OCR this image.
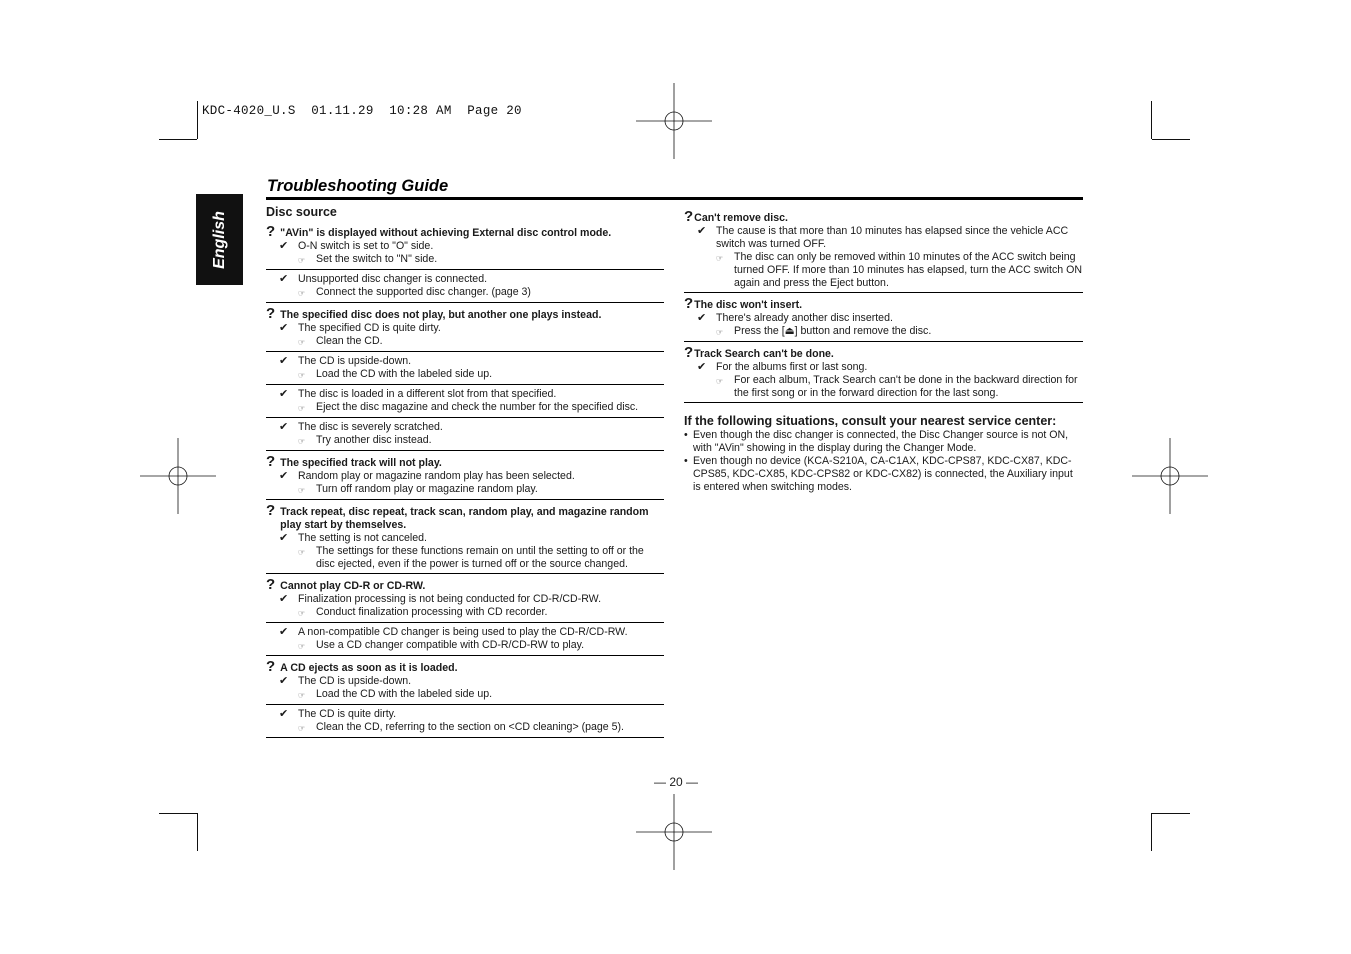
KDC-4020_U.S  01.11.29  10:28 AM  Page 20
English
Troubleshooting Guide
Disc source
? "AVin" is displayed without achieving External disc control mode.
✔ O-N switch is set to "O" side.
☞	Set the switch to "N" side.
✔ Unsupported disc changer is connected.
☞	Connect the supported disc changer. (page 3)
? The specified disc does not play, but another one plays instead.
✔ The specified CD is quite dirty.
☞	Clean the CD.
✔ The CD is upside-down.
☞	Load the CD with the labeled side up.
✔ The disc is loaded in a different slot from that specified.
☞	Eject the disc magazine and check the number for the specified disc.
✔ The disc is severely scratched.
☞	Try another disc instead.
? The specified track will not play.
✔ Random play or magazine random play has been selected.
☞	Turn off random play or magazine random play.
? Track repeat, disc repeat, track scan, random play, and magazine random play start by themselves.
✔ The setting is not canceled.
☞	The settings for these functions remain on until the setting to off or the disc ejected, even if the power is turned off or the source changed.
? Cannot play CD-R or CD-RW.
✔ Finalization processing is not being conducted for CD-R/CD-RW.
☞	Conduct finalization processing with CD recorder.
✔ A non-compatible CD changer is being used to play the CD-R/CD-RW.
☞	Use a CD changer compatible with CD-R/CD-RW to play.
? A CD ejects as soon as it is loaded.
✔ The CD is upside-down.
☞	Load the CD with the labeled side up.
✔ The CD is quite dirty.
☞	Clean the CD, referring to the section on <CD cleaning> (page 5).
? Can't remove disc.
✔ The cause is that more than 10 minutes has elapsed since the vehicle ACC switch was turned OFF.
☞	The disc can only be removed within 10 minutes of the ACC switch being turned OFF. If more than 10 minutes has elapsed, turn the ACC switch ON again and press the Eject button.
? The disc won't insert.
✔ There's already another disc inserted.
☞	Press the [⏏] button and remove the disc.
? Track Search can't be done.
✔ For the albums first or last song.
☞	For each album, Track Search can't be done in the backward direction for the first song or in the forward direction for the last song.
If the following situations, consult your nearest service center:
• Even though the disc changer is connected, the Disc Changer source is not ON, with "AVin" showing in the display during the Changer Mode.
• Even though no device (KCA-S210A, CA-C1AX, KDC-CPS87, KDC-CX87, KDC-CPS85, KDC-CX85, KDC-CPS82 or KDC-CX82) is connected, the Auxiliary input is entered when switching modes.
— 20 —
